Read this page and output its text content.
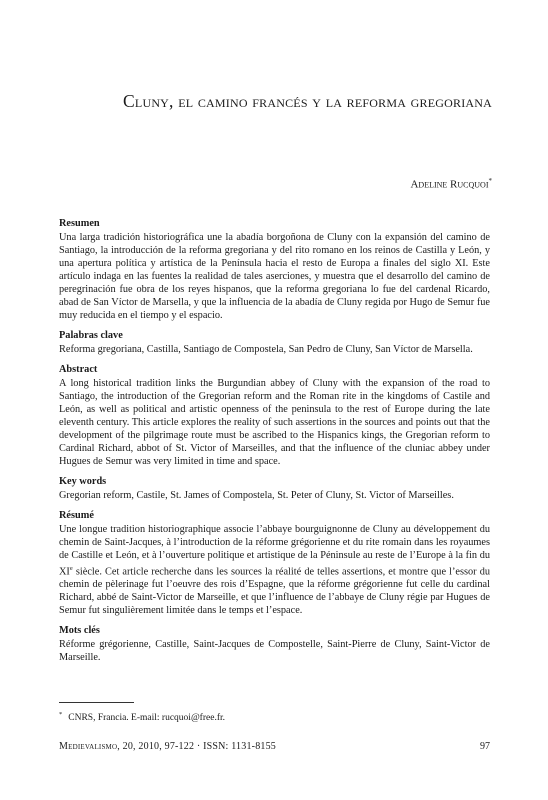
Cluny, el camino francés y la reforma gregoriana
Adeline Rucquoi*
Resumen
Una larga tradición historiográfica une la abadía borgoñona de Cluny con la expansión del camino de Santiago, la introducción de la reforma gregoriana y del rito romano en los reinos de Castilla y León, y una apertura política y artística de la Península hacia el resto de Europa a finales del siglo XI. Este artículo indaga en las fuentes la realidad de tales aserciones, y muestra que el desarrollo del camino de peregrinación fue obra de los reyes hispanos, que la reforma gregoriana lo fue del cardenal Ricardo, abad de San Víctor de Marsella, y que la influencia de la abadía de Cluny regida por Hugo de Semur fue muy reducida en el tiempo y el espacio.
Palabras clave
Reforma gregoriana, Castilla, Santiago de Compostela, San Pedro de Cluny, San Víctor de Marsella.
Abstract
A long historical tradition links the Burgundian abbey of Cluny with the expansion of the road to Santiago, the introduction of the Gregorian reform and the Roman rite in the kingdoms of Castile and León, as well as political and artistic openness of the peninsula to the rest of Europe during the late eleventh century. This article explores the reality of such assertions in the sources and points out that the development of the pilgrimage route must be ascribed to the Hispanics kings, the Gregorian reform to Cardinal Richard, abbot of St. Victor of Marseilles, and that the influence of the cluniac abbey under Hugues de Semur was very limited in time and space.
Key words
Gregorian reform, Castile, St. James of Compostela, St. Peter of Cluny, St. Victor of Marseilles.
Résumé
Une longue tradition historiographique associe l’abbaye bourguignonne de Cluny au développement du chemin de Saint-Jacques, à l’introduction de la réforme grégorienne et du rite romain dans les royaumes de Castille et León, et à l’ouverture politique et artistique de la Péninsule au reste de l’Europe à la fin du XIe siècle. Cet article recherche dans les sources la réalité de telles assertions, et montre que l’essor du chemin de pèlerinage fut l’oeuvre des rois d’Espagne, que la réforme grégorienne fut celle du cardinal Richard, abbé de Saint-Victor de Marseille, et que l’influence de l’abbaye de Cluny régie par Hugues de Semur fut singulièrement limitée dans le temps et l’espace.
Mots clés
Réforme grégorienne, Castille, Saint-Jacques de Compostelle, Saint-Pierre de Cluny, Saint-Victor de Marseille.
* CNRS, Francia. E-mail: rucquoi@free.fr.
Medievalismo, 20, 2010, 97-122 · ISSN: 1131-8155	97
